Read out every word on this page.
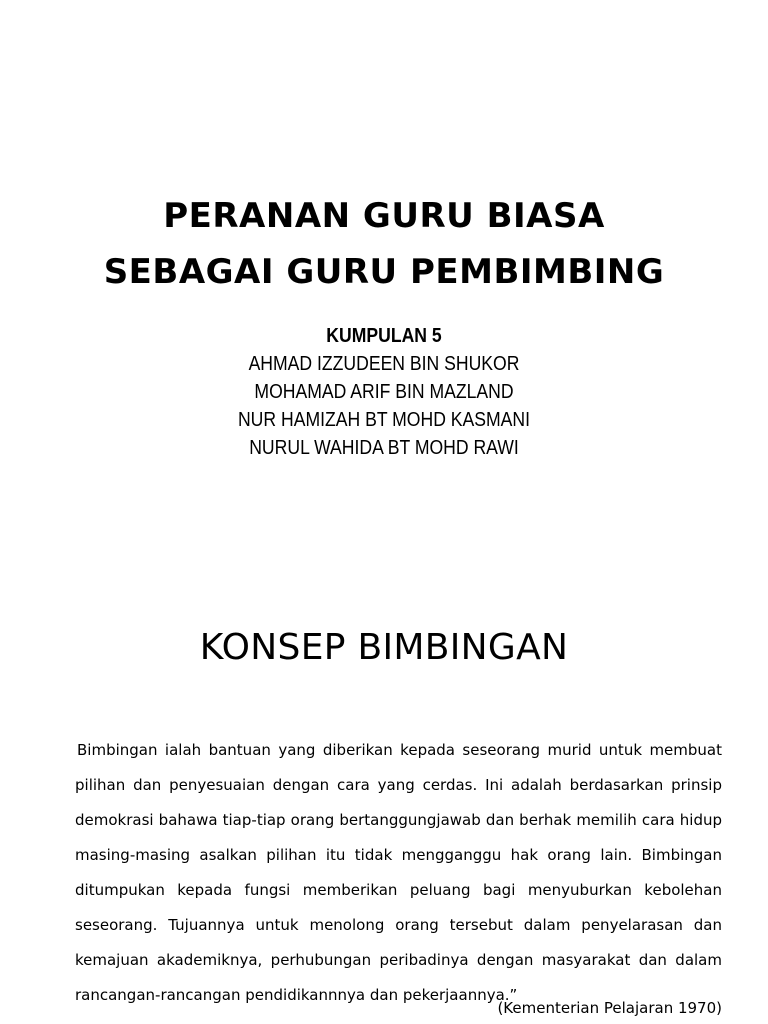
PERANAN GURU BIASA
SEBAGAI GURU PEMBIMBING
KUMPULAN 5
AHMAD IZZUDEEN BIN SHUKOR
MOHAMAD ARIF BIN MAZLAND
NUR HAMIZAH BT MOHD KASMANI
NURUL WAHIDA BT MOHD RAWI
KONSEP BIMBINGAN

Bimbingan ialah bantuan yang diberikan kepada seseorang murid untuk membuat pilihan dan penyesuaian dengan cara yang cerdas. Ini adalah berdasarkan prinsip demokrasi bahawa tiap-tiap orang bertanggungjawab dan berhak memilih cara hidup masing-masing asalkan pilihan itu tidak mengganggu hak orang lain. Bimbingan ditumpukan kepada fungsi memberikan peluang bagi menyuburkan kebolehan seseorang. Tujuannya untuk menolong orang tersebut dalam penyelarasan dan kemajuan akademiknya, perhubungan peribadinya dengan masyarakat dan dalam rancangan-rancangan pendidikannnya dan pekerjaannya.”

(Kementerian Pelajaran 1970)
